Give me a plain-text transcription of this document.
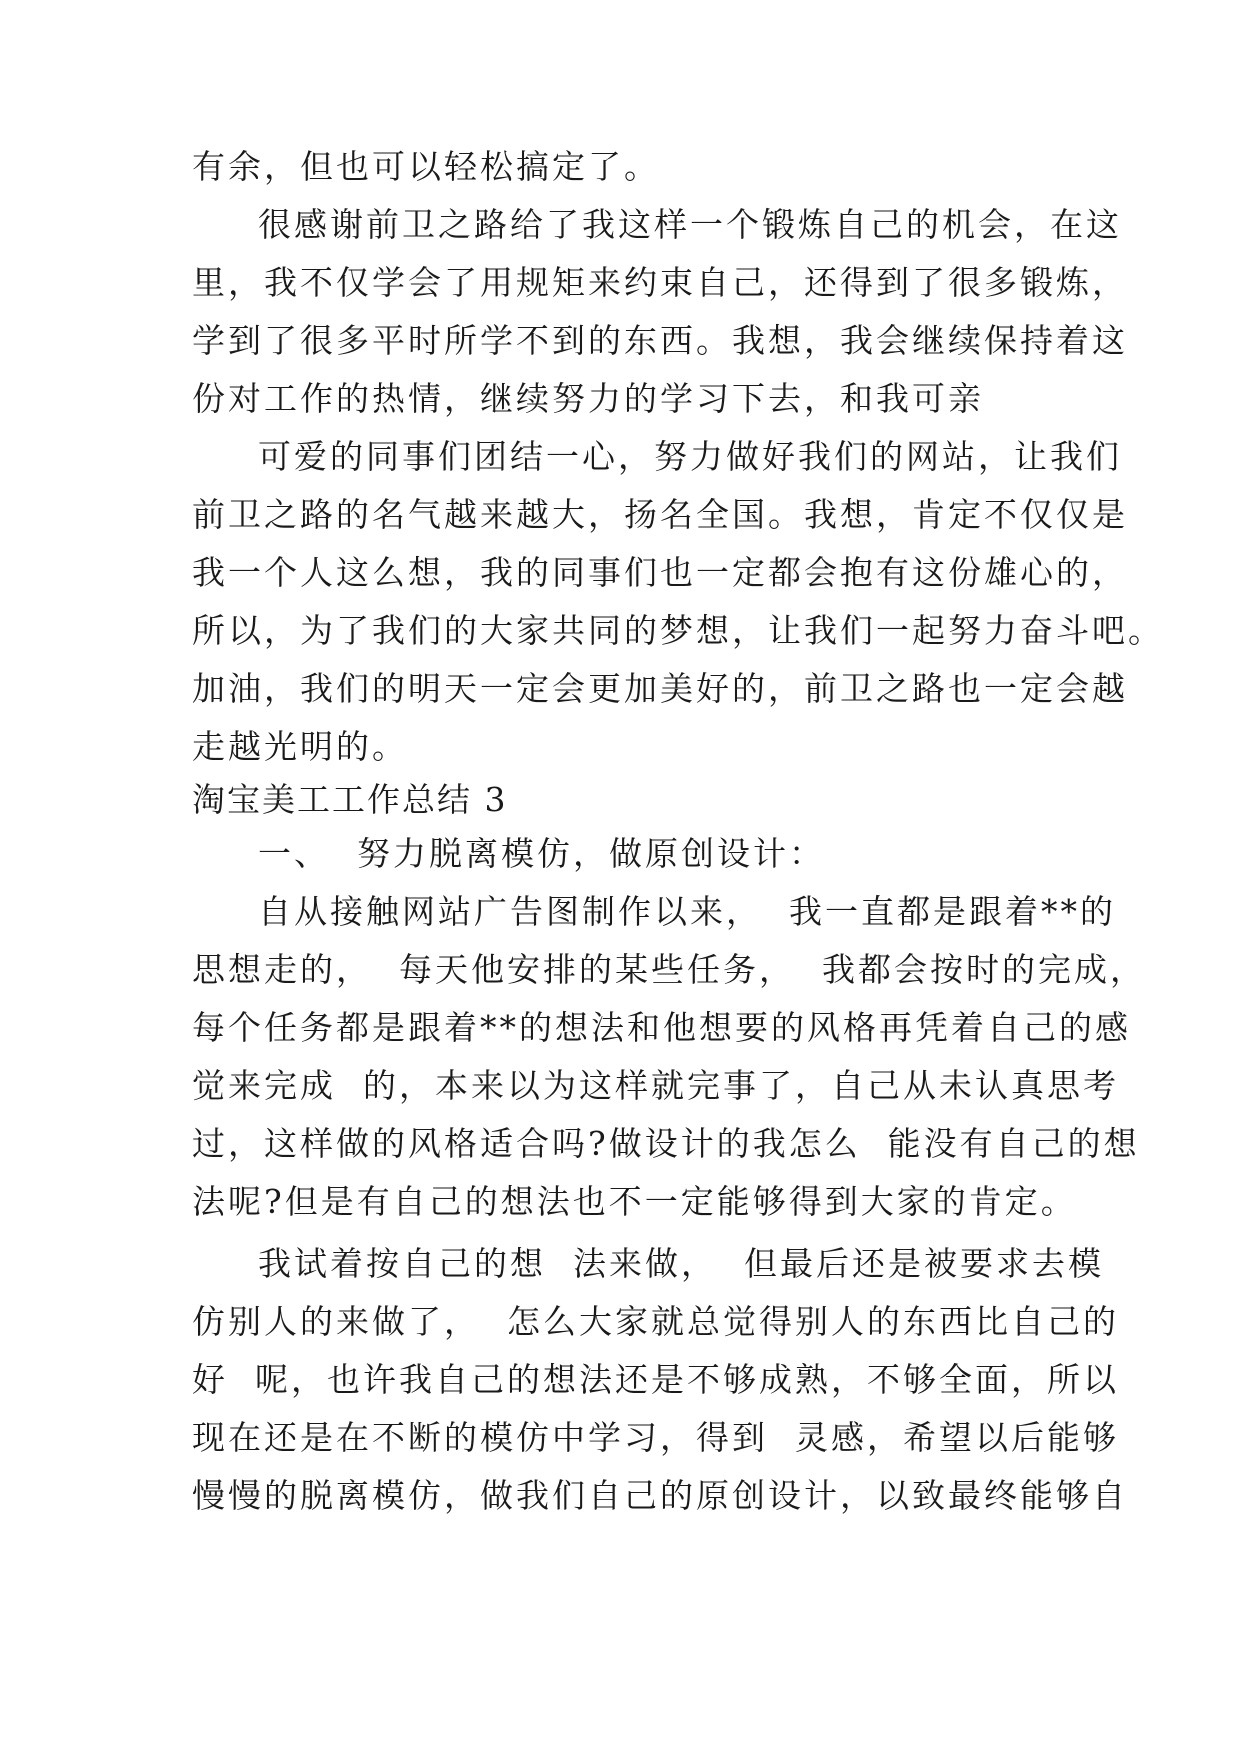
有余，但也可以轻松搞定了。
很感谢前卫之路给了我这样一个锻炼自己的机会，在这
里，我不仅学会了用规矩来约束自己，还得到了很多锻炼，
学到了很多平时所学不到的东西。我想，我会继续保持着这
份对工作的热情，继续努力的学习下去，和我可亲
可爱的同事们团结一心，努力做好我们的网站，让我们
前卫之路的名气越来越大，扬名全国。我想，肯定不仅仅是
我一个人这么想，我的同事们也一定都会抱有这份雄心的，
所以，为了我们的大家共同的梦想，让我们一起努力奋斗吧。
加油，我们的明天一定会更加美好的，前卫之路也一定会越
走越光明的。
淘宝美工工作总结 3
一、  努力脱离模仿，做原创设计：
自从接触网站广告图制作以来，  我一直都是跟着**的
思想走的，  每天他安排的某些任务，  我都会按时的完成，
每个任务都是跟着**的想法和他想要的风格再凭着自己的感
觉来完成  的，本来以为这样就完事了，自己从未认真思考
过，这样做的风格适合吗?做设计的我怎么  能没有自己的想
法呢?但是有自己的想法也不一定能够得到大家的肯定。
我试着按自己的想  法来做，  但最后还是被要求去模
仿别人的来做了，  怎么大家就总觉得别人的东西比自己的
好  呢，也许我自己的想法还是不够成熟，不够全面，所以
现在还是在不断的模仿中学习，得到  灵感，希望以后能够
慢慢的脱离模仿，做我们自己的原创设计，以致最终能够自
